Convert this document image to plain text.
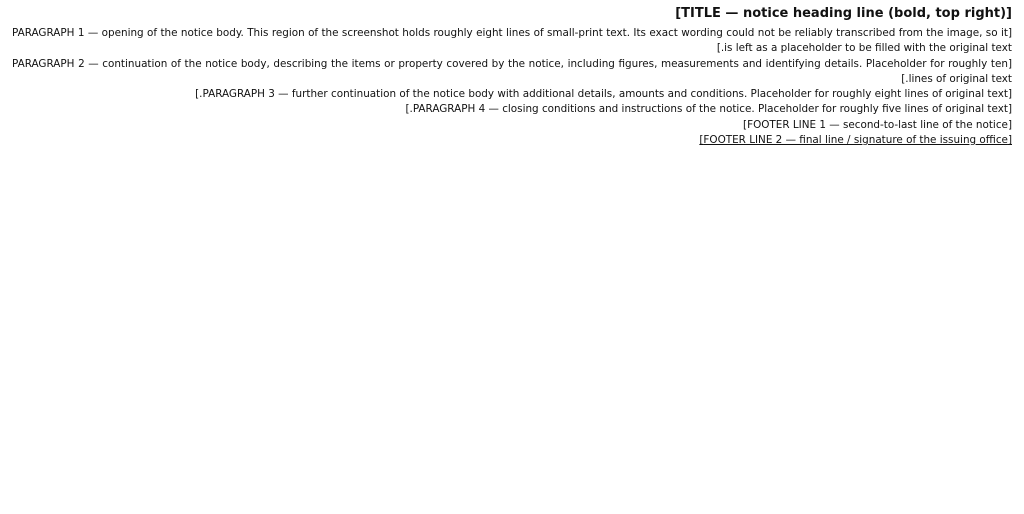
[TITLE — notice heading line (bold, top right)]

[PARAGRAPH 1 — opening of the notice body. This region of the screenshot holds roughly eight lines of small-print text. Its exact wording could not be reliably transcribed from the image, so it is left as a placeholder to be filled with the original text.]

[PARAGRAPH 2 — continuation of the notice body, describing the items or property covered by the notice, including figures, measurements and identifying details. Placeholder for roughly ten lines of original text.]

[PARAGRAPH 3 — further continuation of the notice body with additional details, amounts and conditions. Placeholder for roughly eight lines of original text.]

[PARAGRAPH 4 — closing conditions and instructions of the notice. Placeholder for roughly five lines of original text.]

[FOOTER LINE 1 — second-to-last line of the notice]
[FOOTER LINE 2 — final line / signature of the issuing office]
